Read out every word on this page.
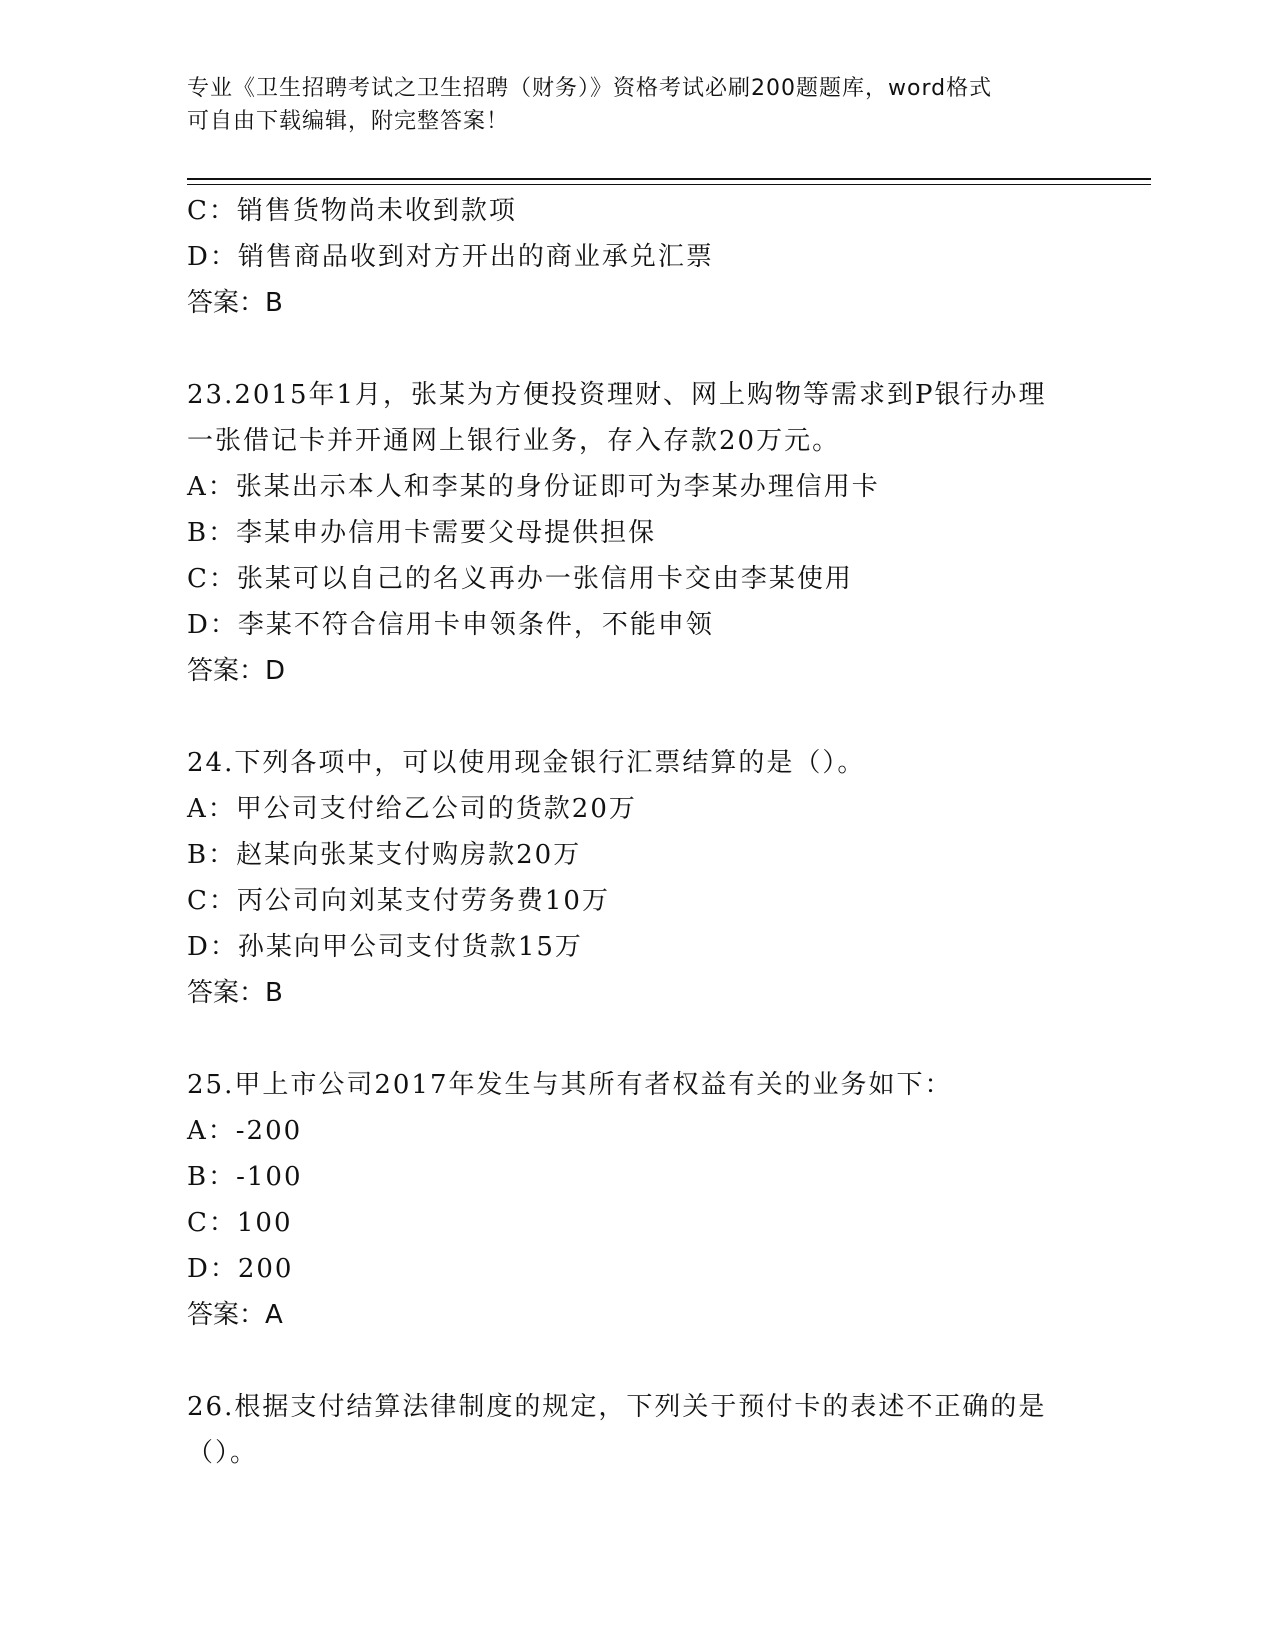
专业《卫生招聘考试之卫生招聘（财务）》资格考试必刷200题题库，word格式
可自由下载编辑，附完整答案！
C：销售货物尚未收到款项
D：销售商品收到对方开出的商业承兑汇票
答案：B
23.2015年1月，张某为方便投资理财、网上购物等需求到P银行办理
一张借记卡并开通网上银行业务，存入存款20万元。
A：张某出示本人和李某的身份证即可为李某办理信用卡
B：李某申办信用卡需要父母提供担保
C：张某可以自己的名义再办一张信用卡交由李某使用
D：李某不符合信用卡申领条件，不能申领
答案：D
24.下列各项中，可以使用现金银行汇票结算的是（）。
A：甲公司支付给乙公司的货款20万
B：赵某向张某支付购房款20万
C：丙公司向刘某支付劳务费10万
D：孙某向甲公司支付货款15万
答案：B
25.甲上市公司2017年发生与其所有者权益有关的业务如下：
A：-200
B：-100
C：100
D：200
答案：A
26.根据支付结算法律制度的规定，下列关于预付卡的表述不正确的是
（）。
